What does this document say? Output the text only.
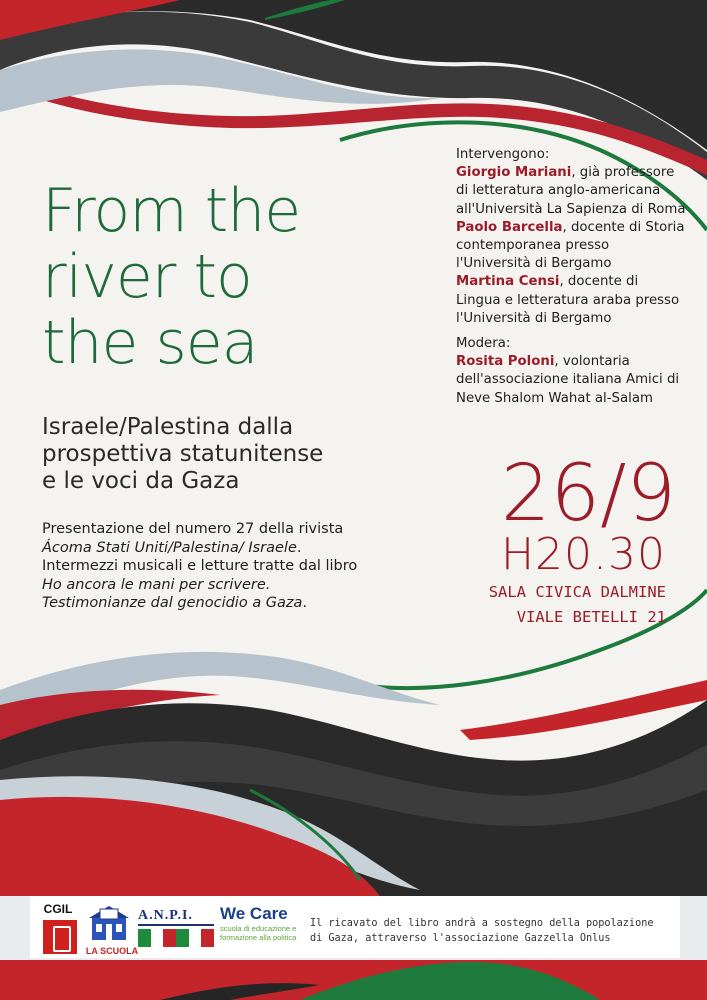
From the
river to
the sea
Israele/Palestina dalla
prospettiva statunitense
e le voci da Gaza

Presentazione del numero 27 della rivista Ácoma Stati Uniti/Palestina/ Israele. Intermezzi musicali e letture tratte dal libro Ho ancora le mani per scrivere. Testimonianze dal genocidio a Gaza.

Intervengono:

Giorgio Mariani, già professore di letteratura anglo-americana all'Università La Sapienza di Roma

Paolo Barcella, docente di Storia contemporanea presso l'Università di Bergamo

Martina Censi, docente di Lingua e letteratura araba presso l'Università di Bergamo

Modera:

Rosita Poloni, volontaria dell'associazione italiana Amici di Neve Shalom Wahat al-Salam

26/9

H20.30

SALA CIVICA DALMINE
VIALE BETELLI 21
CGIL
LA SCUOLA
A.N.P.I.	We Care
scuola di educazione e formazione alla politica
Il ricavato del libro andrà a sostegno della popolazione
di Gaza, attraverso l'associazione Gazzella Onlus
